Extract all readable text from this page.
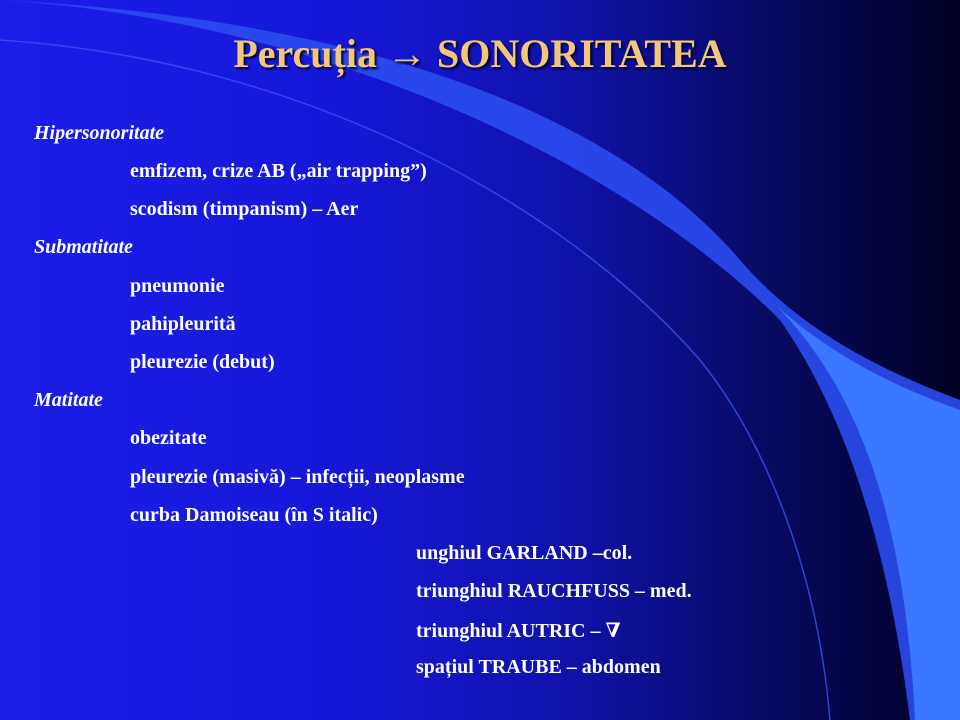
Percuția → SONORITATEA
Hipersonoritate
emfizem, crize AB („air trapping”)
scodism (timpanism) – Aer
Submatitate
pneumonie
pahipleurită
pleurezie (debut)
Matitate
obezitate
pleurezie (masivă) – infecții, neoplasme
curba Damoiseau (în S italic)
unghiul GARLAND –col.
triunghiul RAUCHFUSS – med.
triunghiul AUTRIC – ∇
spațiul TRAUBE – abdomen
